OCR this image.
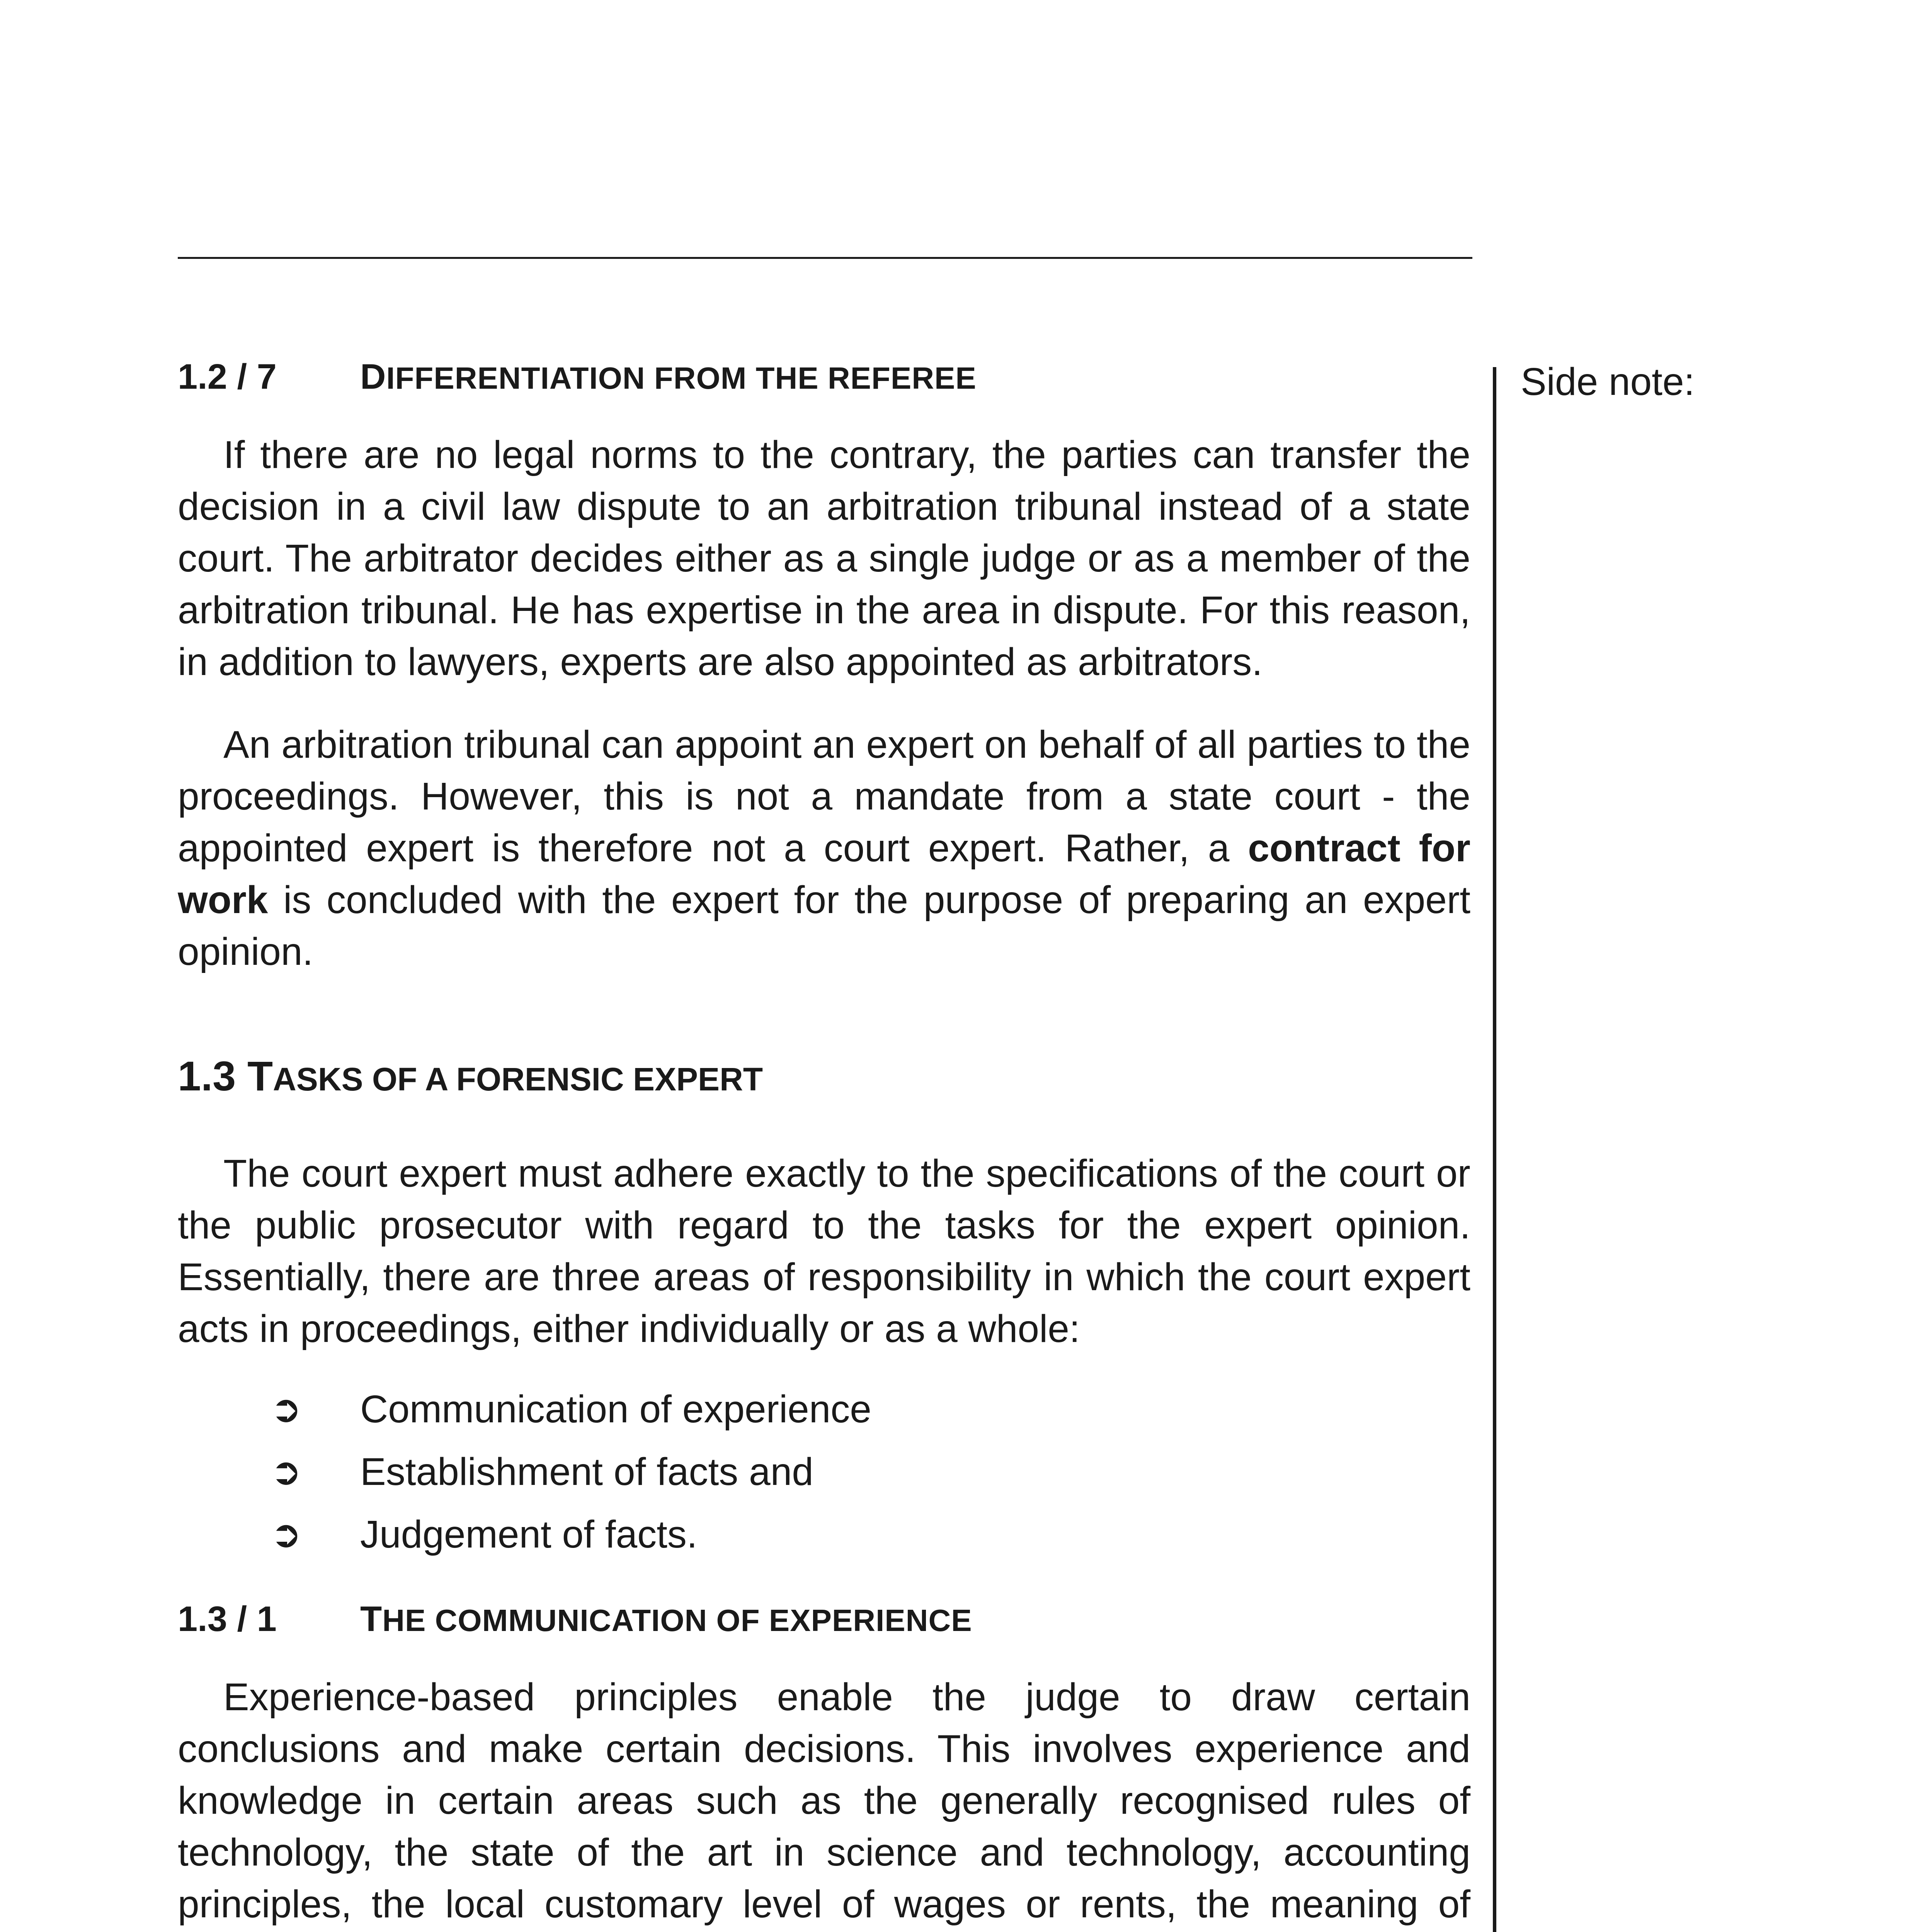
Side note:
1.2 / 7 DIFFERENTIATION FROM THE REFEREE

If there are no legal norms to the contrary, the parties can transfer the decision in a civil law dispute to an arbitration tribunal instead of a state court. The arbitrator decides either as a single judge or as a member of the arbitration tribunal. He has expertise in the area in dispute. For this reason, in addition to lawyers, experts are also appointed as arbitrators.

An arbitration tribunal can appoint an expert on behalf of all parties to the proceedings. However, this is not a mandate from a state court - the appointed expert is therefore not a court expert. Rather, a contract for work is concluded with the expert for the purpose of preparing an expert opinion.

1.3 TASKS OF A FORENSIC EXPERT

The court expert must adhere exactly to the specifications of the court or the public prosecutor with regard to the tasks for the expert opinion. Essentially, there are three areas of responsibility in which the court expert acts in proceedings, either individually or as a whole:

➲ Communication of experience
➲ Establishment of facts and
➲ Judgement of facts.
1.3 / 1 THE COMMUNICATION OF EXPERIENCE

Experience-based principles enable the judge to draw certain conclusions and make certain decisions. This involves experience and knowledge in certain areas such as the generally recognised rules of technology, the state of the art in science and technology, accounting principles, the local customary level of wages or rents, the meaning of
